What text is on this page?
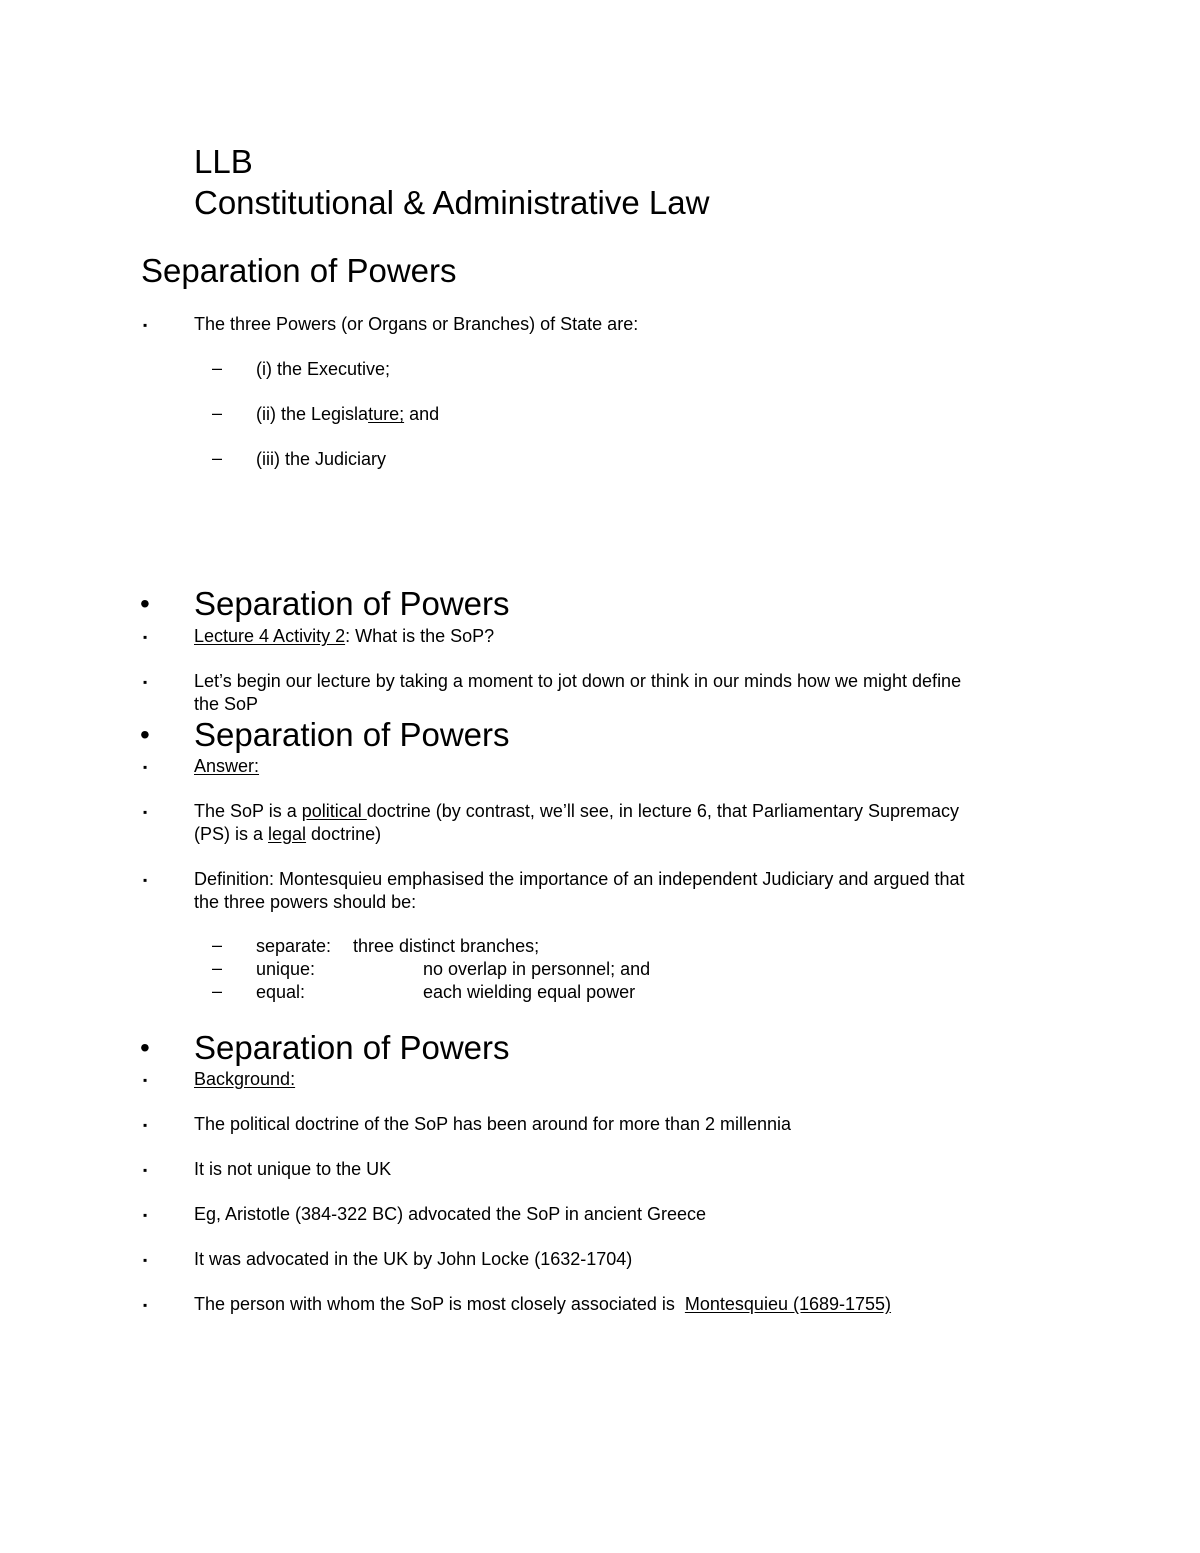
LLB
Constitutional & Administrative Law
Separation of Powers
▪	The three Powers (or Organs or Branches) of State are:
– (i) the Executive;
– (ii) the Legislature; and
– (iii) the Judiciary
• Separation of Powers
▪	Lecture 4 Activity 2: What is the SoP?
▪	Let’s begin our lecture by taking a moment to jot down or think in our minds how we might define
the SoP
• Separation of Powers
▪	Answer:
▪	The SoP is a political doctrine (by contrast, we’ll see, in lecture 6, that Parliamentary Supremacy
(PS) is a legal doctrine)
▪	Definition: Montesquieu emphasised the importance of an independent Judiciary and argued that
the three powers should be:
– separate: three distinct branches;
– unique:	no overlap in personnel; and
– equal:	each wielding equal power
• Separation of Powers
▪	Background:
▪	The political doctrine of the SoP has been around for more than 2 millennia
▪	It is not unique to the UK
▪	Eg, Aristotle (384-322 BC) advocated the SoP in ancient Greece
▪	It was advocated in the UK by John Locke (1632-1704)
▪	The person with whom the SoP is most closely associated is  Montesquieu (1689-1755)
